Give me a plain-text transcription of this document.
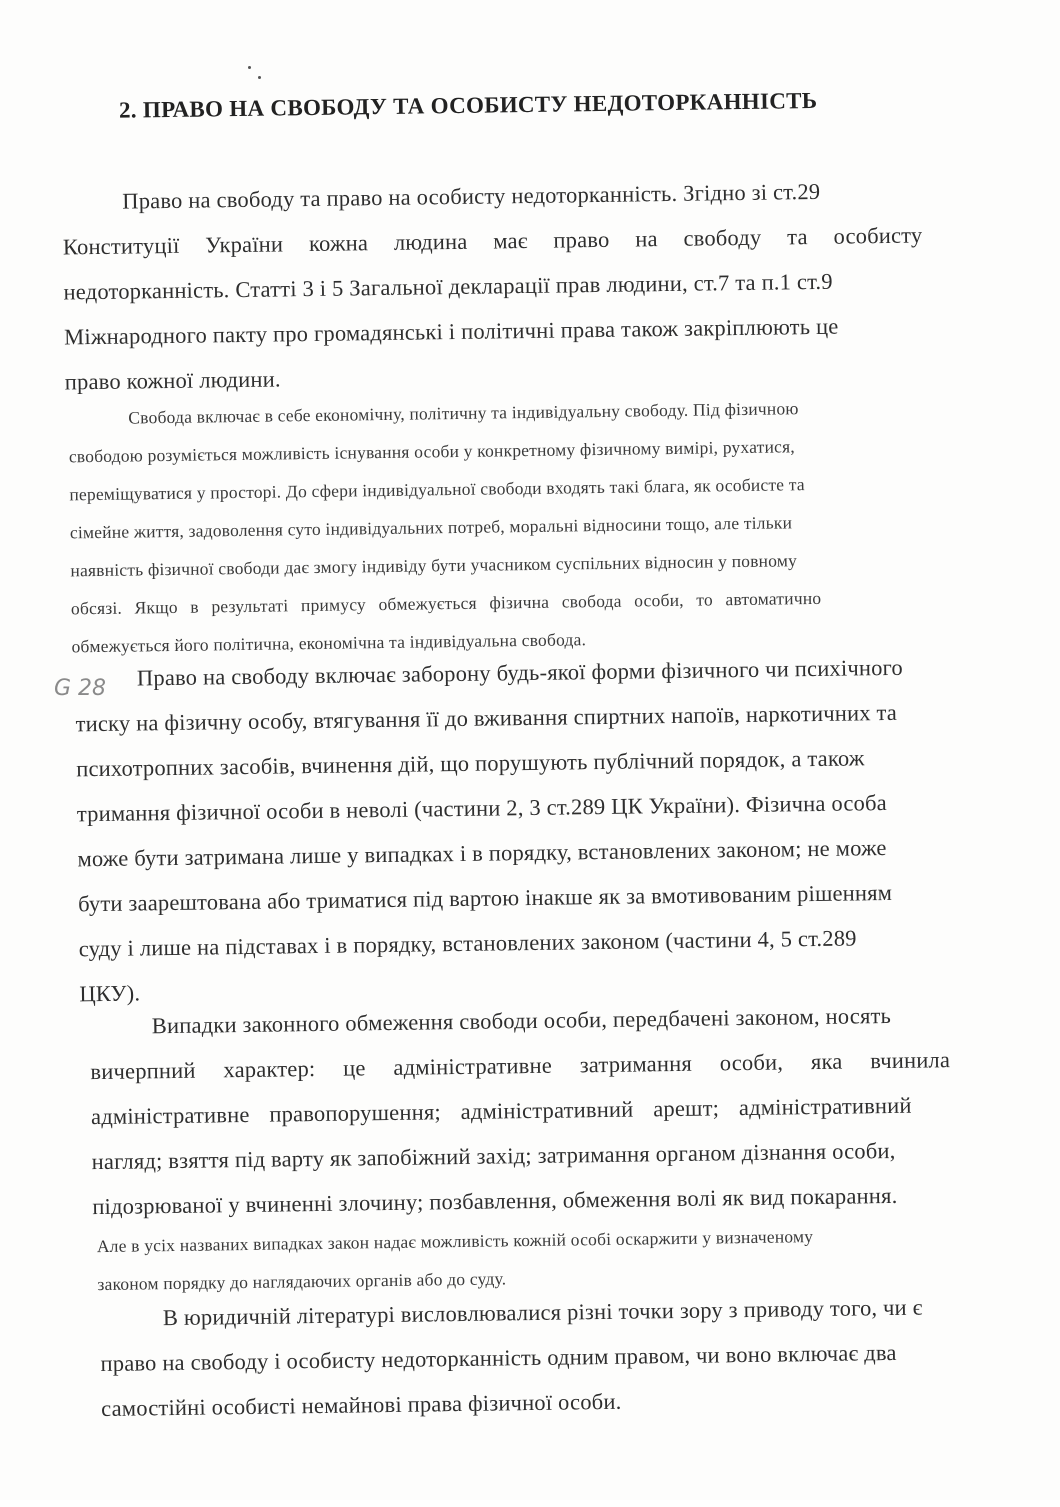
2. ПРАВО НА СВОБОДУ ТА ОСОБИСТУ НЕДОТОРКАННІСТЬ
Право на свободу та право на особисту недоторканність. Згідно зі ст.29
Конституції України кожна людина має право на свободу та особисту
недоторканність. Статті 3 і 5 Загальної декларації прав людини, ст.7 та п.1 ст.9
Міжнародного пакту про громадянські і політичні права також закріплюють це
право кожної людини.
Свобода включає в себе економічну, політичну та індивідуальну свободу. Під фізичною
свободою розуміється можливість існування особи у конкретному фізичному вимірі, рухатися,
переміщуватися у просторі. До сфери індивідуальної свободи входять такі блага, як особисте та
сімейне життя, задоволення суто індивідуальних потреб, моральні відносини тощо, але тільки
наявність фізичної свободи дає змогу індивіду бути учасником суспільних відносин у повному
обсязі. Якщо в результаті примусу обмежується фізична свобода особи, то автоматично
обмежується його політична, економічна та індивідуальна свобода.
Право на свободу включає заборону будь-якої форми фізичного чи психічного
тиску на фізичну особу, втягування її до вживання спиртних напоїв, наркотичних та
психотропних засобів, вчинення дій, що порушують публічний порядок, а також
тримання фізичної особи в неволі (частини 2, 3 ст.289 ЦК України). Фізична особа
може бути затримана лише у випадках і в порядку, встановлених законом; не може
бути заарештована або триматися під вартою інакше як за вмотивованим рішенням
суду і лише на підставах і в порядку, встановлених законом (частини 4, 5 ст.289
ЦКУ).
Випадки законного обмеження свободи особи, передбачені законом, носять
вичерпний характер: це адміністративне затримання особи, яка вчинила
адміністративне правопорушення; адміністративний арешт; адміністративний
нагляд; взяття під варту як запобіжний захід; затримання органом дізнання особи,
підозрюваної у вчиненні злочину; позбавлення, обмеження волі як вид покарання.
Але в усіх названих випадках закон надає можливість кожній особі оскаржити у визначеному
законом порядку до наглядаючих органів або до суду.
В юридичній літературі висловлювалися різні точки зору з приводу того, чи є
право на свободу і особисту недоторканність одним правом, чи воно включає два
самостійні особисті немайнові права фізичної особи.
G 28
